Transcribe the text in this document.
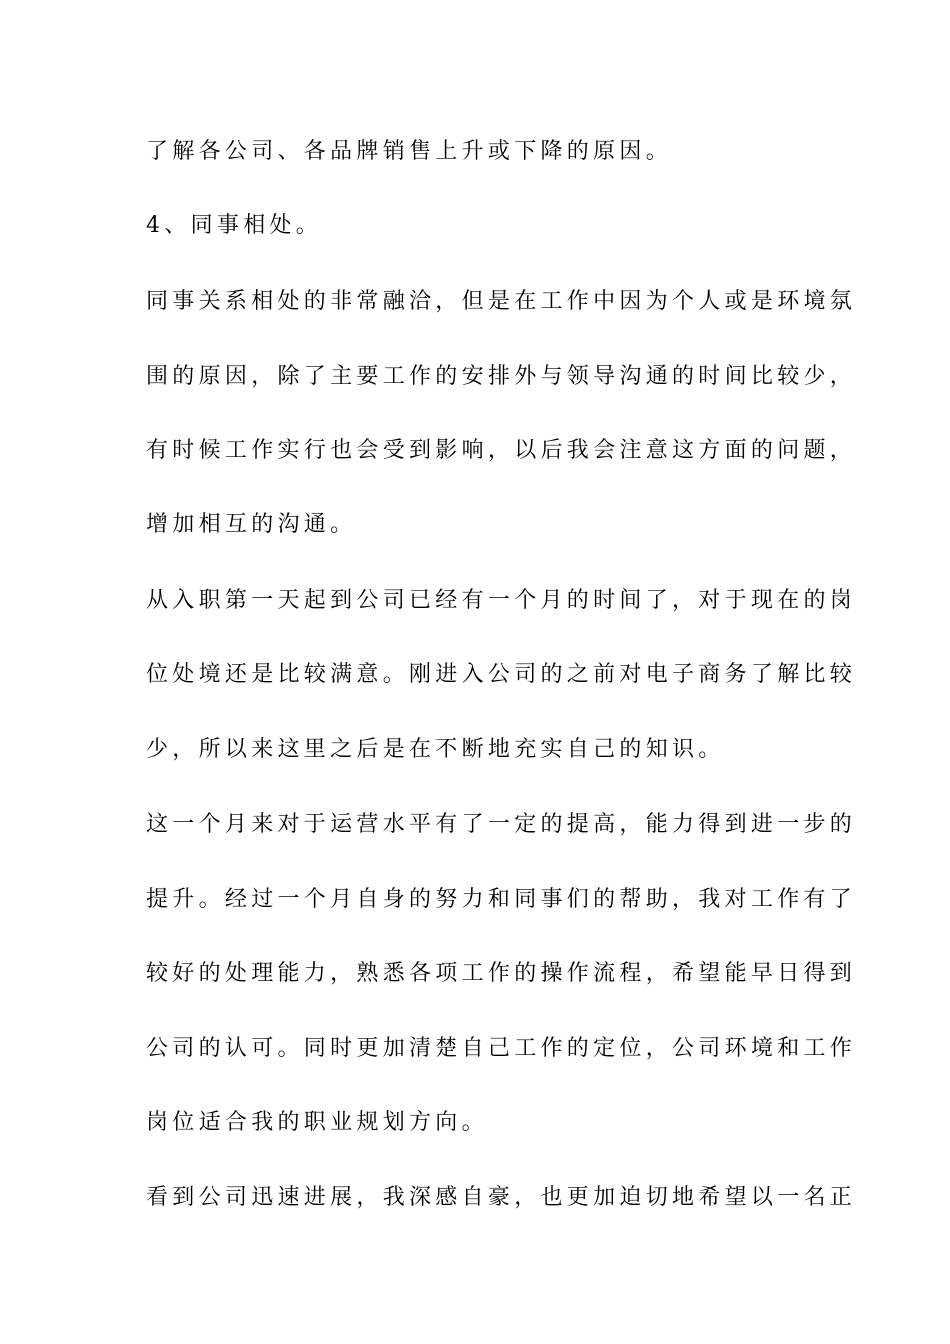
了解各公司、各品牌销售上升或下降的原因。

4、同事相处。

同事关系相处的非常融洽，但是在工作中因为个人或是环境氛

围的原因，除了主要工作的安排外与领导沟通的时间比较少，

有时候工作实行也会受到影响，以后我会注意这方面的问题，

增加相互的沟通。

从入职第一天起到公司已经有一个月的时间了，对于现在的岗

位处境还是比较满意。刚进入公司的之前对电子商务了解比较

少，所以来这里之后是在不断地充实自己的知识。

这一个月来对于运营水平有了一定的提高，能力得到进一步的

提升。经过一个月自身的努力和同事们的帮助，我对工作有了

较好的处理能力，熟悉各项工作的操作流程，希望能早日得到

公司的认可。同时更加清楚自己工作的定位，公司环境和工作

岗位适合我的职业规划方向。

看到公司迅速进展，我深感自豪，也更加迫切地希望以一名正
